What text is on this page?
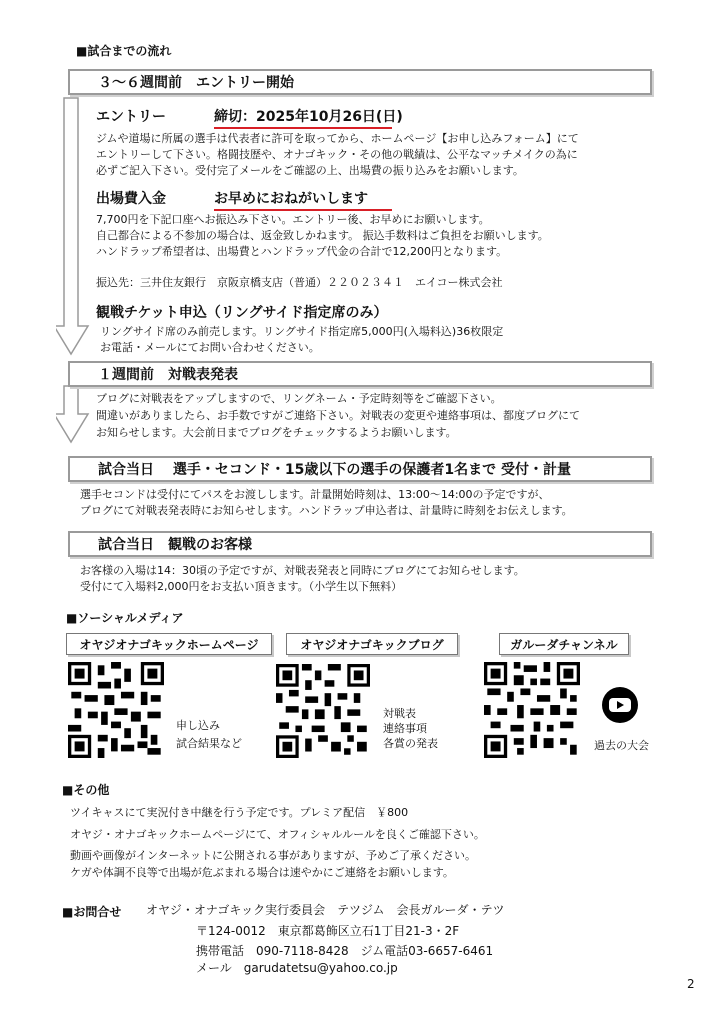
■試合までの流れ
３～６週間前　エントリー開始
エントリー	締切：2025年10月26日(日)
ジムや道場に所属の選手は代表者に許可を取ってから、ホームページ【お申し込みフォーム】にて
エントリーして下さい。格闘技歴や、オナゴキック・その他の戦績は、公平なマッチメイクの為に
必ずご記入下さい。受付完了メールをご確認の上、出場費の振り込みをお願いします。
出場費入金	お早めにおねがいします
7,700円を下記口座へお振込み下さい。エントリー後、お早めにお願いします。
自己都合による不参加の場合は、返金致しかねます。 振込手数料はご負担をお願いします。
ハンドラップ希望者は、出場費とハンドラップ代金の合計で12,200円となります。
振込先：三井住友銀行　京阪京橋支店（普通）２２０２３４１　エイコー株式会社
観戦チケット申込（リングサイド指定席のみ）
リングサイド席のみ前売します。リングサイド指定席5,000円(入場料込)36枚限定
お電話・メールにてお問い合わせください。
１週間前　対戦表発表
ブログに対戦表をアップしますので、リングネーム・予定時刻等をご確認下さい。
間違いがありましたら、お手数ですがご連絡下さい。対戦表の変更や連絡事項は、都度ブログにて
お知らせします。大会前日までブログをチェックするようお願いします。
試合当日　 選手・セコンド・15歳以下の選手の保護者1名まで 受付・計量
選手セコンドは受付にてパスをお渡しします。計量開始時刻は、13:00～14:00の予定ですが、
ブログにて対戦表発表時にお知らせします。ハンドラップ申込者は、計量時に時刻をお伝えします。
試合当日　観戦のお客様
お客様の入場は14：30頃の予定ですが、対戦表発表と同時にブログにてお知らせします。
受付にて入場料2,000円をお支払い頂きます。（小学生以下無料）
■ソーシャルメディア
オヤジオナゴキックホームページ	オヤジオナゴキックブログ	ガルーダチャンネル
申し込み
試合結果など
対戦表
連絡事項
各賞の発表	過去の大会
■その他
ツイキャスにて実況付き中継を行う予定です。プレミア配信　￥800
オヤジ・オナゴキックホームページにて、オフィシャルルールを良くご確認下さい。
動画や画像がインターネットに公開される事がありますが、予めご了承ください。
ケガや体調不良等で出場が危ぶまれる場合は速やかにご連絡をお願いします。
■お問合せ オヤジ・オナゴキック実行委員会　テツジム　会長ガルーダ・テツ
〒124-0012　東京都葛飾区立石1丁目21-3・2F
携帯電話　090-7118-8428　ジム電話03-6657-6461
メール　garudatetsu@yahoo.co.jp
2
